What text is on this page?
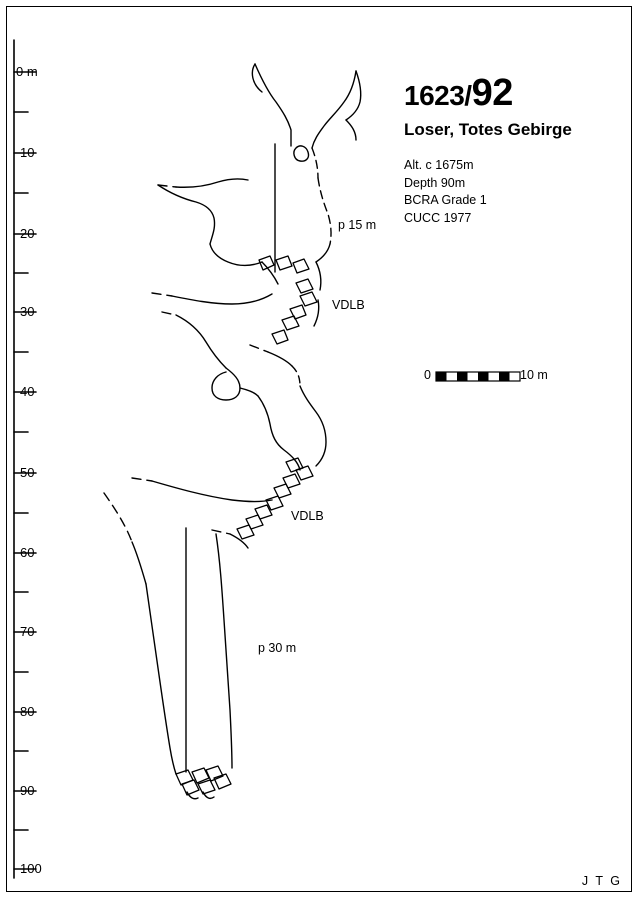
0 m
10
20
30
40
50
60
70
80
90
100
1623/92
Loser, Totes Gebirge
Alt. c 1675m
Depth 90m
BCRA Grade 1
CUCC 1977
0	10 m
p 15 m
VDLB
VDLB
p 30 m
J T G
